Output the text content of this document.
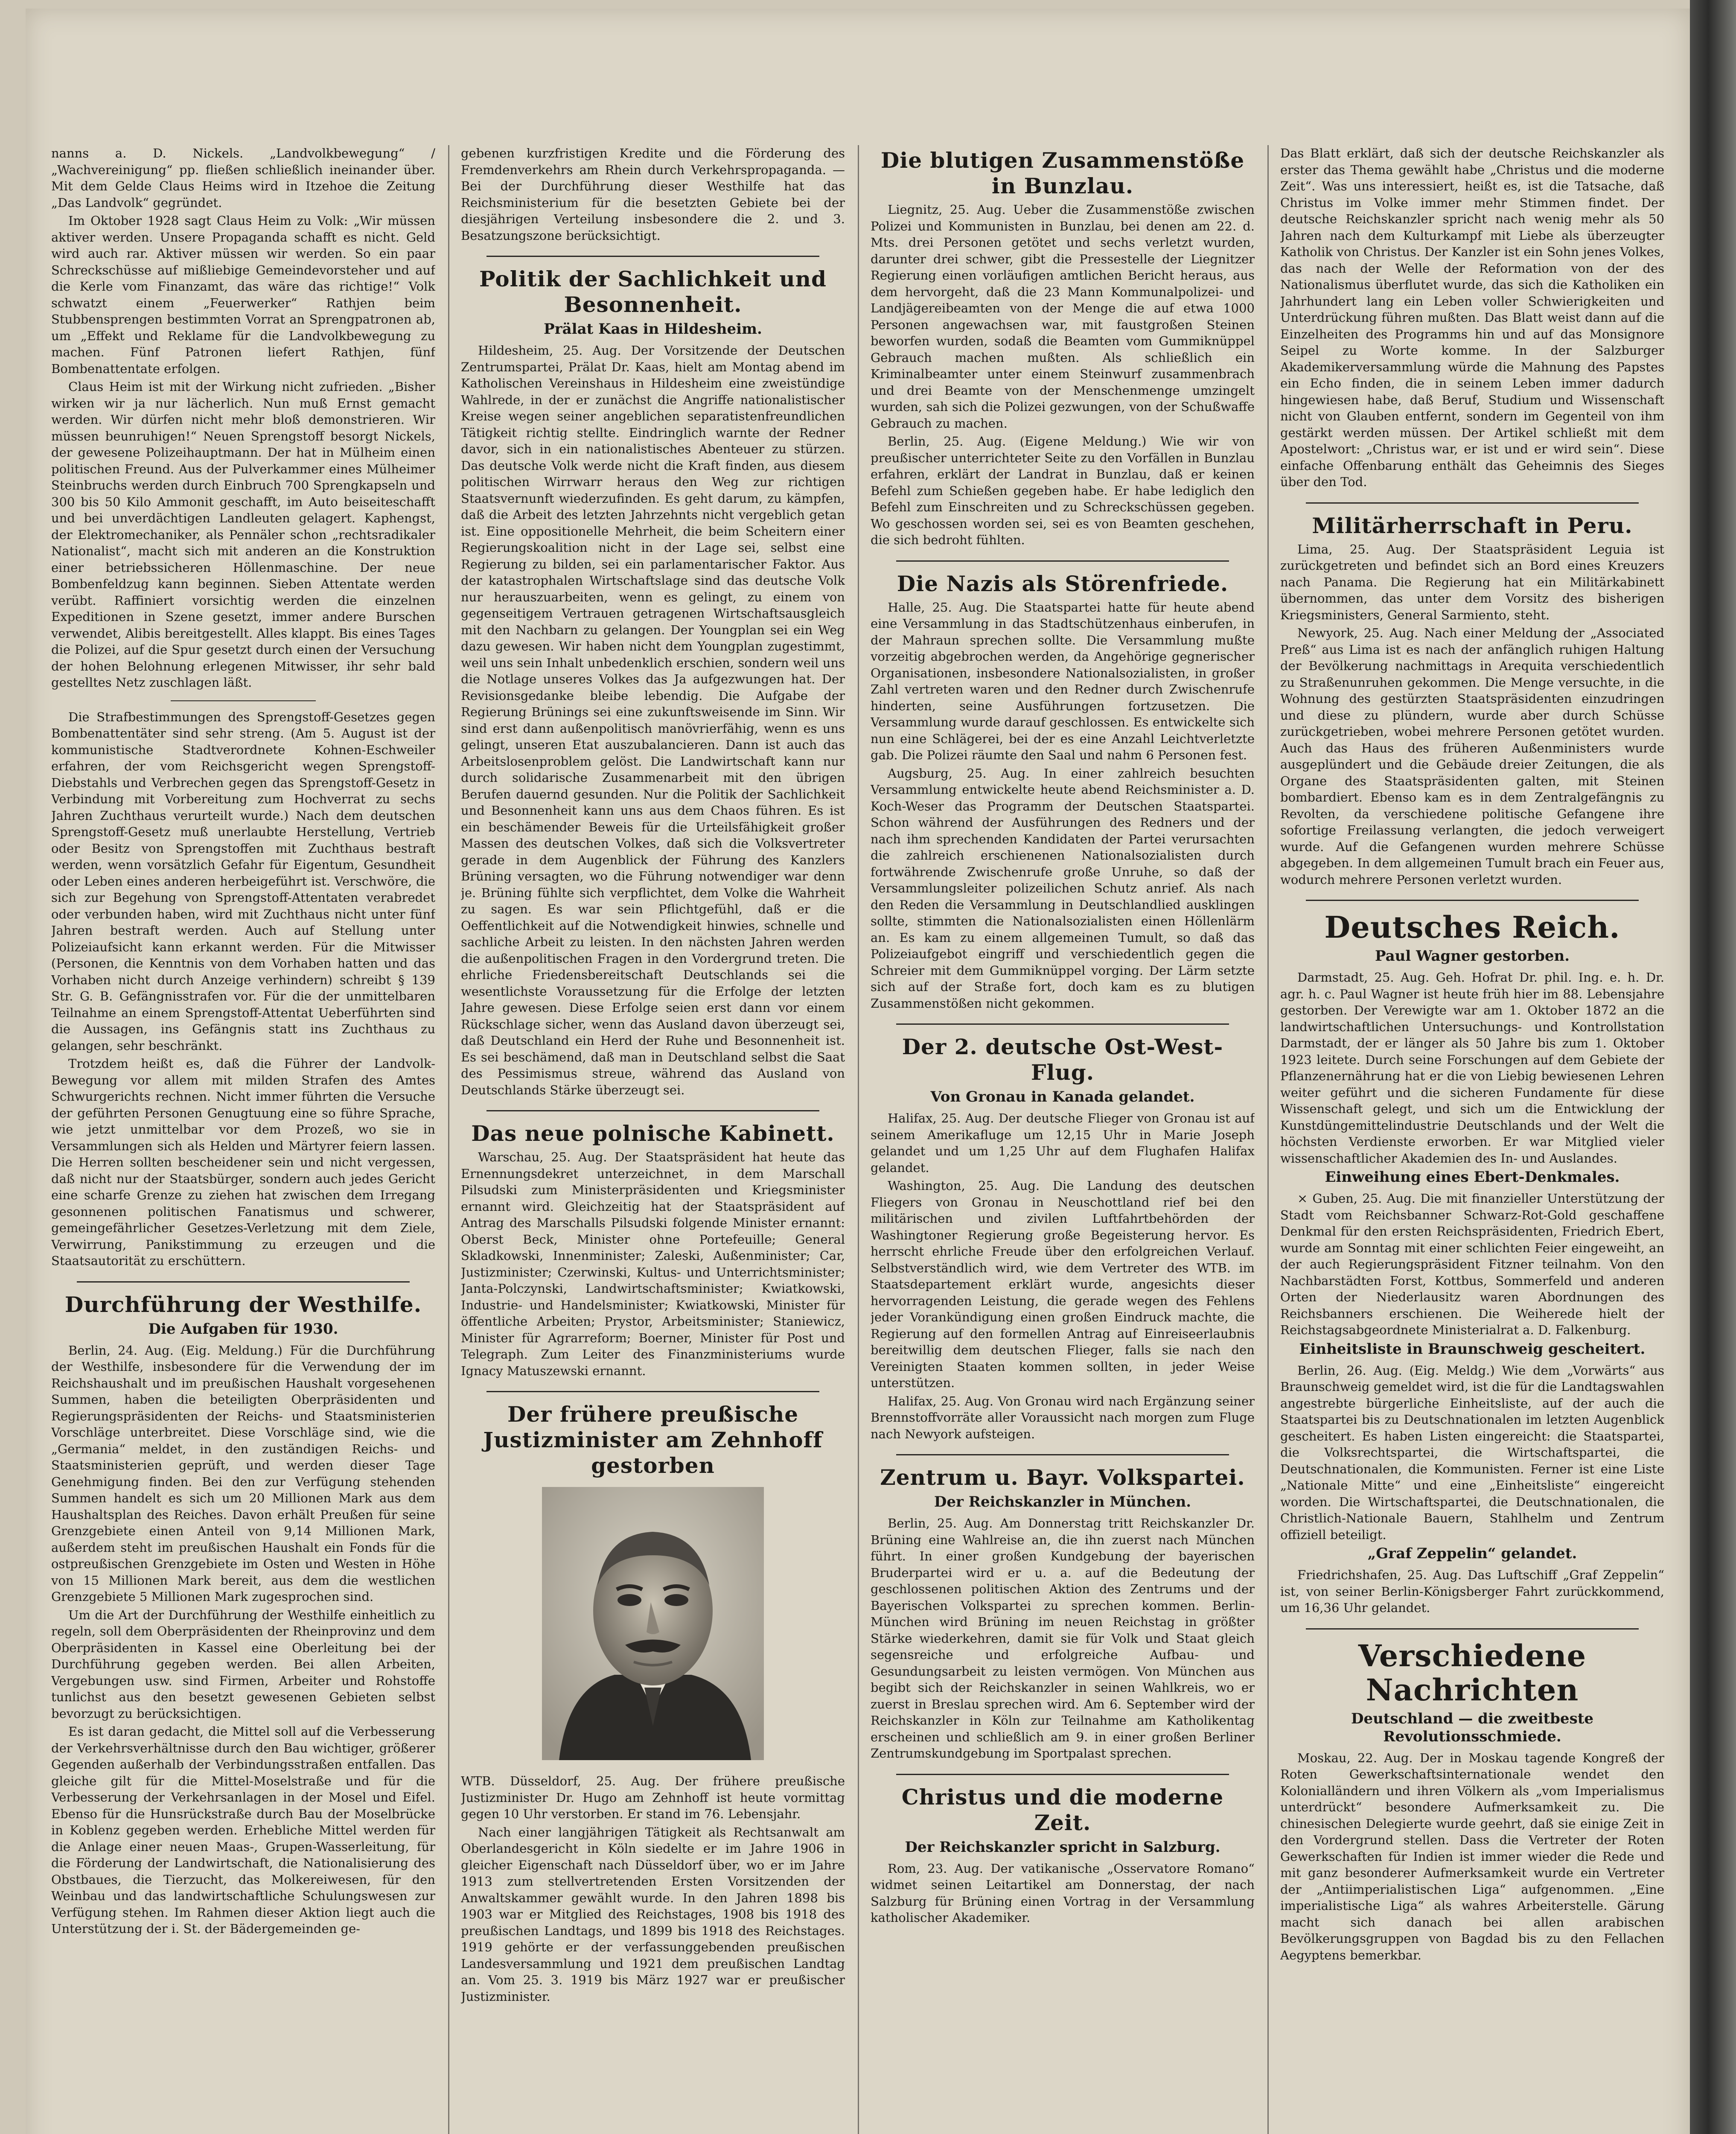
nanns a. D. Nickels. „Landvolkbewegung“ / „Wachvereinigung“ pp. fließen schließlich ineinander über. Mit dem Gelde Claus Heims wird in Itzehoe die Zeitung „Das Landvolk“ gegründet.

Im Oktober 1928 sagt Claus Heim zu Volk: „Wir müssen aktiver werden. Unsere Propaganda schafft es nicht. Geld wird auch rar. Aktiver müssen wir werden. So ein paar Schreckschüsse auf mißliebige Gemeindevorsteher und auf die Kerle vom Finanzamt, das wäre das richtige!“ Volk schwatzt einem „Feuerwerker“ Rathjen beim Stubbensprengen bestimmten Vorrat an Sprengpatronen ab, um „Effekt und Reklame für die Landvolkbewegung zu machen. Fünf Patronen liefert Rathjen, fünf Bombenattentate erfolgen.

Claus Heim ist mit der Wirkung nicht zufrieden. „Bisher wirken wir ja nur lächerlich. Nun muß Ernst gemacht werden. Wir dürfen nicht mehr bloß demonstrieren. Wir müssen beunruhigen!“ Neuen Sprengstoff besorgt Nickels, der gewesene Polizeihauptmann. Der hat in Mülheim einen politischen Freund. Aus der Pulverkammer eines Mülheimer Steinbruchs werden durch Einbruch 700 Sprengkapseln und 300 bis 50 Kilo Ammonit geschafft, im Auto beiseiteschafft und bei unverdächtigen Landleuten gelagert. Kaphengst, der Elektromechaniker, als Pennäler schon „rechtsradikaler Nationalist“, macht sich mit anderen an die Konstruktion einer betriebssicheren Höllenmaschine. Der neue Bombenfeldzug kann beginnen. Sieben Attentate werden verübt. Raffiniert vorsichtig werden die einzelnen Expeditionen in Szene gesetzt, immer andere Burschen verwendet, Alibis bereitgestellt. Alles klappt. Bis eines Tages die Polizei, auf die Spur gesetzt durch einen der Versuchung der hohen Belohnung erlegenen Mitwisser, ihr sehr bald gestelltes Netz zuschlagen läßt.

Die Strafbestimmungen des Sprengstoff-Gesetzes gegen Bombenattentäter sind sehr streng. (Am 5. August ist der kommunistische Stadtverordnete Kohnen-Eschweiler erfahren, der vom Reichsgericht wegen Sprengstoff-Diebstahls und Verbrechen gegen das Sprengstoff-Gesetz in Verbindung mit Vorbereitung zum Hochverrat zu sechs Jahren Zuchthaus verurteilt wurde.) Nach dem deutschen Sprengstoff-Gesetz muß unerlaubte Herstellung, Vertrieb oder Besitz von Sprengstoffen mit Zuchthaus bestraft werden, wenn vorsätzlich Gefahr für Eigentum, Gesundheit oder Leben eines anderen herbeigeführt ist. Verschwöre, die sich zur Begehung von Sprengstoff-Attentaten verabredet oder verbunden haben, wird mit Zuchthaus nicht unter fünf Jahren bestraft werden. Auch auf Stellung unter Polizeiaufsicht kann erkannt werden. Für die Mitwisser (Personen, die Kenntnis von dem Vorhaben hatten und das Vorhaben nicht durch Anzeige verhindern) schreibt § 139 Str. G. B. Gefängnisstrafen vor. Für die der unmittelbaren Teilnahme an einem Sprengstoff-Attentat Ueberführten sind die Aussagen, ins Gefängnis statt ins Zuchthaus zu gelangen, sehr beschränkt.

Trotzdem heißt es, daß die Führer der Landvolk-Bewegung vor allem mit milden Strafen des Amtes Schwurgerichts rechnen. Nicht immer führten die Versuche der geführten Personen Genugtuung eine so führe Sprache, wie jetzt unmittelbar vor dem Prozeß, wo sie in Versammlungen sich als Helden und Märtyrer feiern lassen. Die Herren sollten bescheidener sein und nicht vergessen, daß nicht nur der Staatsbürger, sondern auch jedes Gericht eine scharfe Grenze zu ziehen hat zwischen dem Irregang gesonnenen politischen Fanatismus und schwerer, gemeingefährlicher Gesetzes-Verletzung mit dem Ziele, Verwirrung, Panikstimmung zu erzeugen und die Staatsautorität zu erschüttern.

Durchführung der Westhilfe.
Die Aufgaben für 1930.

Berlin, 24. Aug. (Eig. Meldung.) Für die Durchführung der Westhilfe, insbesondere für die Verwendung der im Reichshaushalt und im preußischen Haushalt vorgesehenen Summen, haben die beteiligten Oberpräsidenten und Regierungspräsidenten der Reichs- und Staatsministerien Vorschläge unterbreitet. Diese Vorschläge sind, wie die „Germania“ meldet, in den zuständigen Reichs- und Staatsministerien geprüft, und werden dieser Tage Genehmigung finden. Bei den zur Verfügung stehenden Summen handelt es sich um 20 Millionen Mark aus dem Haushaltsplan des Reiches. Davon erhält Preußen für seine Grenzgebiete einen Anteil von 9,14 Millionen Mark, außerdem steht im preußischen Haushalt ein Fonds für die ostpreußischen Grenzgebiete im Osten und Westen in Höhe von 15 Millionen Mark bereit, aus dem die westlichen Grenzgebiete 5 Millionen Mark zugesprochen sind.

Um die Art der Durchführung der Westhilfe einheitlich zu regeln, soll dem Oberpräsidenten der Rheinprovinz und dem Oberpräsidenten in Kassel eine Oberleitung bei der Durchführung gegeben werden. Bei allen Arbeiten, Vergebungen usw. sind Firmen, Arbeiter und Rohstoffe tunlichst aus den besetzt gewesenen Gebieten selbst bevorzugt zu berücksichtigen.

Es ist daran gedacht, die Mittel soll auf die Verbesserung der Verkehrsverhältnisse durch den Bau wichtiger, größerer Gegenden außerhalb der Verbindungsstraßen entfallen. Das gleiche gilt für die Mittel-Moselstraße und für die Verbesserung der Verkehrsanlagen in der Mosel und Eifel. Ebenso für die Hunsrückstraße durch Bau der Moselbrücke in Koblenz gegeben werden. Erhebliche Mittel werden für die Anlage einer neuen Maas-, Grupen-Wasserleitung, für die Förderung der Landwirtschaft, die Nationalisierung des Obstbaues, die Tierzucht, das Molkereiwesen, für den Weinbau und das landwirtschaftliche Schulungswesen zur Verfügung stehen. Im Rahmen dieser Aktion liegt auch die Unterstützung der i. St. der Bädergemeinden ge-

gebenen kurzfristigen Kredite und die Förderung des Fremdenverkehrs am Rhein durch Verkehrspropaganda. — Bei der Durchführung dieser Westhilfe hat das Reichsministerium für die besetzten Gebiete bei der diesjährigen Verteilung insbesondere die 2. und 3. Besatzungszone berücksichtigt.

Politik der Sachlichkeit und Besonnenheit.
Prälat Kaas in Hildesheim.

Hildesheim, 25. Aug. Der Vorsitzende der Deutschen Zentrumspartei, Prälat Dr. Kaas, hielt am Montag abend im Katholischen Vereinshaus in Hildesheim eine zweistündige Wahlrede, in der er zunächst die Angriffe nationalistischer Kreise wegen seiner angeblichen separatistenfreundlichen Tätigkeit richtig stellte. Eindringlich warnte der Redner davor, sich in ein nationalistisches Abenteuer zu stürzen. Das deutsche Volk werde nicht die Kraft finden, aus diesem politischen Wirrwarr heraus den Weg zur richtigen Staatsvernunft wiederzufinden. Es geht darum, zu kämpfen, daß die Arbeit des letzten Jahrzehnts nicht vergeblich getan ist. Eine oppositionelle Mehrheit, die beim Scheitern einer Regierungskoalition nicht in der Lage sei, selbst eine Regierung zu bilden, sei ein parlamentarischer Faktor. Aus der katastrophalen Wirtschaftslage sind das deutsche Volk nur herauszuarbeiten, wenn es gelingt, zu einem von gegenseitigem Vertrauen getragenen Wirtschaftsausgleich mit den Nachbarn zu gelangen. Der Youngplan sei ein Weg dazu gewesen. Wir haben nicht dem Youngplan zugestimmt, weil uns sein Inhalt unbedenklich erschien, sondern weil uns die Notlage unseres Volkes das Ja aufgezwungen hat. Der Revisionsgedanke bleibe lebendig. Die Aufgabe der Regierung Brünings sei eine zukunftsweisende im Sinn. Wir sind erst dann außenpolitisch manövrierfähig, wenn es uns gelingt, unseren Etat auszubalancieren. Dann ist auch das Arbeitslosenproblem gelöst. Die Landwirtschaft kann nur durch solidarische Zusammenarbeit mit den übrigen Berufen dauernd gesunden. Nur die Politik der Sachlichkeit und Besonnenheit kann uns aus dem Chaos führen. Es ist ein beschämender Beweis für die Urteilsfähigkeit großer Massen des deutschen Volkes, daß sich die Volksvertreter gerade in dem Augenblick der Führung des Kanzlers Brüning versagten, wo die Führung notwendiger war denn je. Brüning fühlte sich verpflichtet, dem Volke die Wahrheit zu sagen. Es war sein Pflichtgefühl, daß er die Oeffentlichkeit auf die Notwendigkeit hinwies, schnelle und sachliche Arbeit zu leisten. In den nächsten Jahren werden die außenpolitischen Fragen in den Vordergrund treten. Die ehrliche Friedensbereitschaft Deutschlands sei die wesentlichste Voraussetzung für die Erfolge der letzten Jahre gewesen. Diese Erfolge seien erst dann vor einem Rückschlage sicher, wenn das Ausland davon überzeugt sei, daß Deutschland ein Herd der Ruhe und Besonnenheit ist. Es sei beschämend, daß man in Deutschland selbst die Saat des Pessimismus streue, während das Ausland von Deutschlands Stärke überzeugt sei.

Das neue polnische Kabinett.

Warschau, 25. Aug. Der Staatspräsident hat heute das Ernennungsdekret unterzeichnet, in dem Marschall Pilsudski zum Ministerpräsidenten und Kriegsminister ernannt wird. Gleichzeitig hat der Staatspräsident auf Antrag des Marschalls Pilsudski folgende Minister ernannt: Oberst Beck, Minister ohne Portefeuille; General Skladkowski, Innenminister; Zaleski, Außenminister; Car, Justizminister; Czerwinski, Kultus- und Unterrichtsminister; Janta-Polczynski, Landwirtschaftsminister; Kwiatkowski, Industrie- und Handelsminister; Kwiatkowski, Minister für öffentliche Arbeiten; Prystor, Arbeitsminister; Staniewicz, Minister für Agrarreform; Boerner, Minister für Post und Telegraph. Zum Leiter des Finanzministeriums wurde Ignacy Matuszewski ernannt.

Der frühere preußische Justizminister am Zehnhoff gestorben

WTB. Düsseldorf, 25. Aug. Der frühere preußische Justizminister Dr. Hugo am Zehnhoff ist heute vormittag gegen 10 Uhr verstorben. Er stand im 76. Lebensjahr.

Nach einer langjährigen Tätigkeit als Rechtsanwalt am Oberlandesgericht in Köln siedelte er im Jahre 1906 in gleicher Eigenschaft nach Düsseldorf über, wo er im Jahre 1913 zum stellvertretenden Ersten Vorsitzenden der Anwaltskammer gewählt wurde. In den Jahren 1898 bis 1903 war er Mitglied des Reichstages, 1908 bis 1918 des preußischen Landtags, und 1899 bis 1918 des Reichstages. 1919 gehörte er der verfassunggebenden preußischen Landesversammlung und 1921 dem preußischen Landtag an. Vom 25. 3. 1919 bis März 1927 war er preußischer Justizminister.

Die blutigen Zusammenstöße in Bunzlau.

Liegnitz, 25. Aug. Ueber die Zusammenstöße zwischen Polizei und Kommunisten in Bunzlau, bei denen am 22. d. Mts. drei Personen getötet und sechs verletzt wurden, darunter drei schwer, gibt die Pressestelle der Liegnitzer Regierung einen vorläufigen amtlichen Bericht heraus, aus dem hervorgeht, daß die 23 Mann Kommunalpolizei- und Landjägereibeamten von der Menge die auf etwa 1000 Personen angewachsen war, mit faustgroßen Steinen beworfen wurden, sodaß die Beamten vom Gummiknüppel Gebrauch machen mußten. Als schließlich ein Kriminalbeamter unter einem Steinwurf zusammenbrach und drei Beamte von der Menschenmenge umzingelt wurden, sah sich die Polizei gezwungen, von der Schußwaffe Gebrauch zu machen.

Berlin, 25. Aug. (Eigene Meldung.) Wie wir von preußischer unterrichteter Seite zu den Vorfällen in Bunzlau erfahren, erklärt der Landrat in Bunzlau, daß er keinen Befehl zum Schießen gegeben habe. Er habe lediglich den Befehl zum Einschreiten und zu Schreckschüssen gegeben. Wo geschossen worden sei, sei es von Beamten geschehen, die sich bedroht fühlten.

Die Nazis als Störenfriede.

Halle, 25. Aug. Die Staatspartei hatte für heute abend eine Versammlung in das Stadtschützenhaus einberufen, in der Mahraun sprechen sollte. Die Versammlung mußte vorzeitig abgebrochen werden, da Angehörige gegnerischer Organisationen, insbesondere Nationalsozialisten, in großer Zahl vertreten waren und den Redner durch Zwischenrufe hinderten, seine Ausführungen fortzusetzen. Die Versammlung wurde darauf geschlossen. Es entwickelte sich nun eine Schlägerei, bei der es eine Anzahl Leichtverletzte gab. Die Polizei räumte den Saal und nahm 6 Personen fest.

Augsburg, 25. Aug. In einer zahlreich besuchten Versammlung entwickelte heute abend Reichsminister a. D. Koch-Weser das Programm der Deutschen Staatspartei. Schon während der Ausführungen des Redners und der nach ihm sprechenden Kandidaten der Partei verursachten die zahlreich erschienenen Nationalsozialisten durch fortwährende Zwischenrufe große Unruhe, so daß der Versammlungsleiter polizeilichen Schutz anrief. Als nach den Reden die Versammlung in Deutschlandlied ausklingen sollte, stimmten die Nationalsozialisten einen Höllenlärm an. Es kam zu einem allgemeinen Tumult, so daß das Polizeiaufgebot eingriff und verschiedentlich gegen die Schreier mit dem Gummiknüppel vorging. Der Lärm setzte sich auf der Straße fort, doch kam es zu blutigen Zusammenstößen nicht gekommen.

Der 2. deutsche Ost-West-Flug.
Von Gronau in Kanada gelandet.

Halifax, 25. Aug. Der deutsche Flieger von Gronau ist auf seinem Amerikafluge um 12,15 Uhr in Marie Joseph gelandet und um 1,25 Uhr auf dem Flughafen Halifax gelandet.

Washington, 25. Aug. Die Landung des deutschen Fliegers von Gronau in Neuschottland rief bei den militärischen und zivilen Luftfahrtbehörden der Washingtoner Regierung große Begeisterung hervor. Es herrscht ehrliche Freude über den erfolgreichen Verlauf. Selbstverständlich wird, wie dem Vertreter des WTB. im Staatsdepartement erklärt wurde, angesichts dieser hervorragenden Leistung, die gerade wegen des Fehlens jeder Vorankündigung einen großen Eindruck machte, die Regierung auf den formellen Antrag auf Einreiseerlaubnis bereitwillig dem deutschen Flieger, falls sie nach den Vereinigten Staaten kommen sollten, in jeder Weise unterstützen.

Halifax, 25. Aug. Von Gronau wird nach Ergänzung seiner Brennstoffvorräte aller Voraussicht nach morgen zum Fluge nach Newyork aufsteigen.

Zentrum u. Bayr. Volkspartei.
Der Reichskanzler in München.

Berlin, 25. Aug. Am Donnerstag tritt Reichskanzler Dr. Brüning eine Wahlreise an, die ihn zuerst nach München führt. In einer großen Kundgebung der bayerischen Bruderpartei wird er u. a. auf die Bedeutung der geschlossenen politischen Aktion des Zentrums und der Bayerischen Volkspartei zu sprechen kommen. Berlin-München wird Brüning im neuen Reichstag in größter Stärke wiederkehren, damit sie für Volk und Staat gleich segensreiche und erfolgreiche Aufbau- und Gesundungsarbeit zu leisten vermögen. Von München aus begibt sich der Reichskanzler in seinen Wahlkreis, wo er zuerst in Breslau sprechen wird. Am 6. September wird der Reichskanzler in Köln zur Teilnahme am Katholikentag erscheinen und schließlich am 9. in einer großen Berliner Zentrumskundgebung im Sportpalast sprechen.

Christus und die moderne Zeit.
Der Reichskanzler spricht in Salzburg.

Rom, 23. Aug. Der vatikanische „Osservatore Romano“ widmet seinen Leitartikel am Donnerstag, der nach Salzburg für Brüning einen Vortrag in der Versammlung katholischer Akademiker.

Das Blatt erklärt, daß sich der deutsche Reichskanzler als erster das Thema gewählt habe „Christus und die moderne Zeit“. Was uns interessiert, heißt es, ist die Tatsache, daß Christus im Volke immer mehr Stimmen findet. Der deutsche Reichskanzler spricht nach wenig mehr als 50 Jahren nach dem Kulturkampf mit Liebe als überzeugter Katholik von Christus. Der Kanzler ist ein Sohn jenes Volkes, das nach der Welle der Reformation von der des Nationalismus überflutet wurde, das sich die Katholiken ein Jahrhundert lang ein Leben voller Schwierigkeiten und Unterdrückung führen mußten. Das Blatt weist dann auf die Einzelheiten des Programms hin und auf das Monsignore Seipel zu Worte komme. In der Salzburger Akademikerversammlung würde die Mahnung des Papstes ein Echo finden, die in seinem Leben immer dadurch hingewiesen habe, daß Beruf, Studium und Wissenschaft nicht von Glauben entfernt, sondern im Gegenteil von ihm gestärkt werden müssen. Der Artikel schließt mit dem Apostelwort: „Christus war, er ist und er wird sein“. Diese einfache Offenbarung enthält das Geheimnis des Sieges über den Tod.

Militärherrschaft in Peru.

Lima, 25. Aug. Der Staatspräsident Leguia ist zurückgetreten und befindet sich an Bord eines Kreuzers nach Panama. Die Regierung hat ein Militärkabinett übernommen, das unter dem Vorsitz des bisherigen Kriegsministers, General Sarmiento, steht.

Newyork, 25. Aug. Nach einer Meldung der „Associated Preß“ aus Lima ist es nach der anfänglich ruhigen Haltung der Bevölkerung nachmittags in Arequita verschiedentlich zu Straßenunruhen gekommen. Die Menge versuchte, in die Wohnung des gestürzten Staatspräsidenten einzudringen und diese zu plündern, wurde aber durch Schüsse zurückgetrieben, wobei mehrere Personen getötet wurden. Auch das Haus des früheren Außenministers wurde ausgeplündert und die Gebäude dreier Zeitungen, die als Organe des Staatspräsidenten galten, mit Steinen bombardiert. Ebenso kam es in dem Zentralgefängnis zu Revolten, da verschiedene politische Gefangene ihre sofortige Freilassung verlangten, die jedoch verweigert wurde. Auf die Gefangenen wurden mehrere Schüsse abgegeben. In dem allgemeinen Tumult brach ein Feuer aus, wodurch mehrere Personen verletzt wurden.

Deutsches Reich.
Paul Wagner gestorben.

Darmstadt, 25. Aug. Geh. Hofrat Dr. phil. Ing. e. h. Dr. agr. h. c. Paul Wagner ist heute früh hier im 88. Lebensjahre gestorben. Der Verewigte war am 1. Oktober 1872 an die landwirtschaftlichen Untersuchungs- und Kontrollstation Darmstadt, der er länger als 50 Jahre bis zum 1. Oktober 1923 leitete. Durch seine Forschungen auf dem Gebiete der Pflanzenernährung hat er die von Liebig bewiesenen Lehren weiter geführt und die sicheren Fundamente für diese Wissenschaft gelegt, und sich um die Entwicklung der Kunstdüngemittelindustrie Deutschlands und der Welt die höchsten Verdienste erworben. Er war Mitglied vieler wissenschaftlicher Akademien des In- und Auslandes.

Einweihung eines Ebert-Denkmales.

× Guben, 25. Aug. Die mit finanzieller Unterstützung der Stadt vom Reichsbanner Schwarz-Rot-Gold geschaffene Denkmal für den ersten Reichspräsidenten, Friedrich Ebert, wurde am Sonntag mit einer schlichten Feier eingeweiht, an der auch Regierungspräsident Fitzner teilnahm. Von den Nachbarstädten Forst, Kottbus, Sommerfeld und anderen Orten der Niederlausitz waren Abordnungen des Reichsbanners erschienen. Die Weiherede hielt der Reichstagsabgeordnete Ministerialrat a. D. Falkenburg.

Einheitsliste in Braunschweig gescheitert.

Berlin, 26. Aug. (Eig. Meldg.) Wie dem „Vorwärts“ aus Braunschweig gemeldet wird, ist die für die Landtagswahlen angestrebte bürgerliche Einheitsliste, auf der auch die Staatspartei bis zu Deutschnationalen im letzten Augenblick gescheitert. Es haben Listen eingereicht: die Staatspartei, die Volksrechtspartei, die Wirtschaftspartei, die Deutschnationalen, die Kommunisten. Ferner ist eine Liste „Nationale Mitte“ und eine „Einheitsliste“ eingereicht worden. Die Wirtschaftspartei, die Deutschnationalen, die Christlich-Nationale Bauern, Stahlhelm und Zentrum offiziell beteiligt.

„Graf Zeppelin“ gelandet.

Friedrichshafen, 25. Aug. Das Luftschiff „Graf Zeppelin“ ist, von seiner Berlin-Königsberger Fahrt zurückkommend, um 16,36 Uhr gelandet.

Verschiedene Nachrichten
Deutschland — die zweitbeste Revolutionsschmiede.

Moskau, 22. Aug. Der in Moskau tagende Kongreß der Roten Gewerkschaftsinternationale wendet den Kolonialländern und ihren Völkern als „vom Imperialismus unterdrückt“ besondere Aufmerksamkeit zu. Die chinesischen Delegierte wurde geehrt, daß sie einige Zeit in den Vordergrund stellen. Dass die Vertreter der Roten Gewerkschaften für Indien ist immer wieder die Rede und mit ganz besonderer Aufmerksamkeit wurde ein Vertreter der „Antiimperialistischen Liga“ aufgenommen. „Eine imperialistische Liga“ als wahres Arbeiterstelle. Gärung macht sich danach bei allen arabischen Bevölkerungsgruppen von Bagdad bis zu den Fellachen Aegyptens bemerkbar.
